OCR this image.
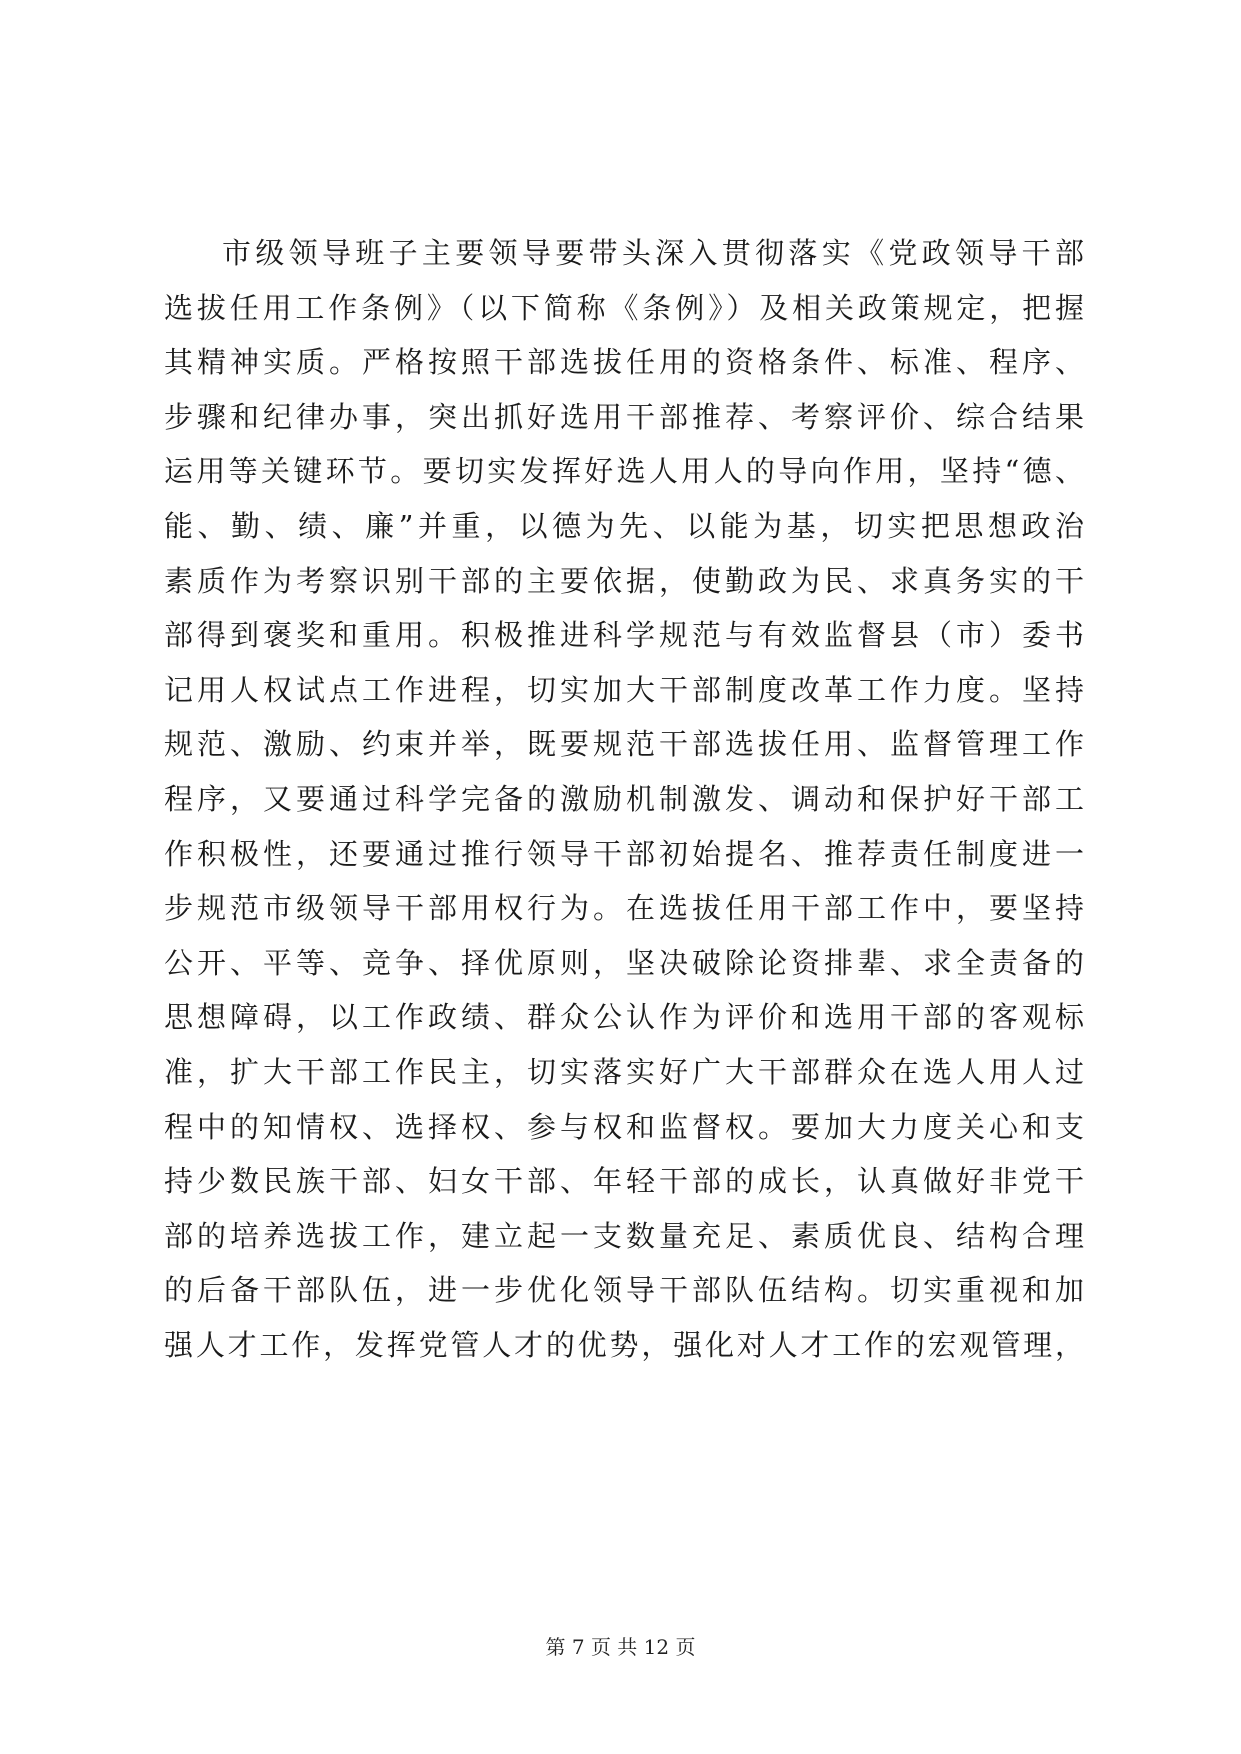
市级领导班子主要领导要带头深入贯彻落实《党政领导干部
选拔任用工作条例》（以下简称《条例》）及相关政策规定，把握
其精神实质。严格按照干部选拔任用的资格条件、标准、程序、
步骤和纪律办事，突出抓好选用干部推荐、考察评价、综合结果
运用等关键环节。要切实发挥好选人用人的导向作用，坚持“德、
能、勤、绩、廉”并重，以德为先、以能为基，切实把思想政治
素质作为考察识别干部的主要依据，使勤政为民、求真务实的干
部得到褒奖和重用。积极推进科学规范与有效监督县（市）委书
记用人权试点工作进程，切实加大干部制度改革工作力度。坚持
规范、激励、约束并举，既要规范干部选拔任用、监督管理工作
程序，又要通过科学完备的激励机制激发、调动和保护好干部工
作积极性，还要通过推行领导干部初始提名、推荐责任制度进一
步规范市级领导干部用权行为。在选拔任用干部工作中，要坚持
公开、平等、竞争、择优原则，坚决破除论资排辈、求全责备的
思想障碍，以工作政绩、群众公认作为评价和选用干部的客观标
准，扩大干部工作民主，切实落实好广大干部群众在选人用人过
程中的知情权、选择权、参与权和监督权。要加大力度关心和支
持少数民族干部、妇女干部、年轻干部的成长，认真做好非党干
部的培养选拔工作，建立起一支数量充足、素质优良、结构合理
的后备干部队伍，进一步优化领导干部队伍结构。切实重视和加
强人才工作，发挥党管人才的优势，强化对人才工作的宏观管理，
第 7 页 共 12 页
